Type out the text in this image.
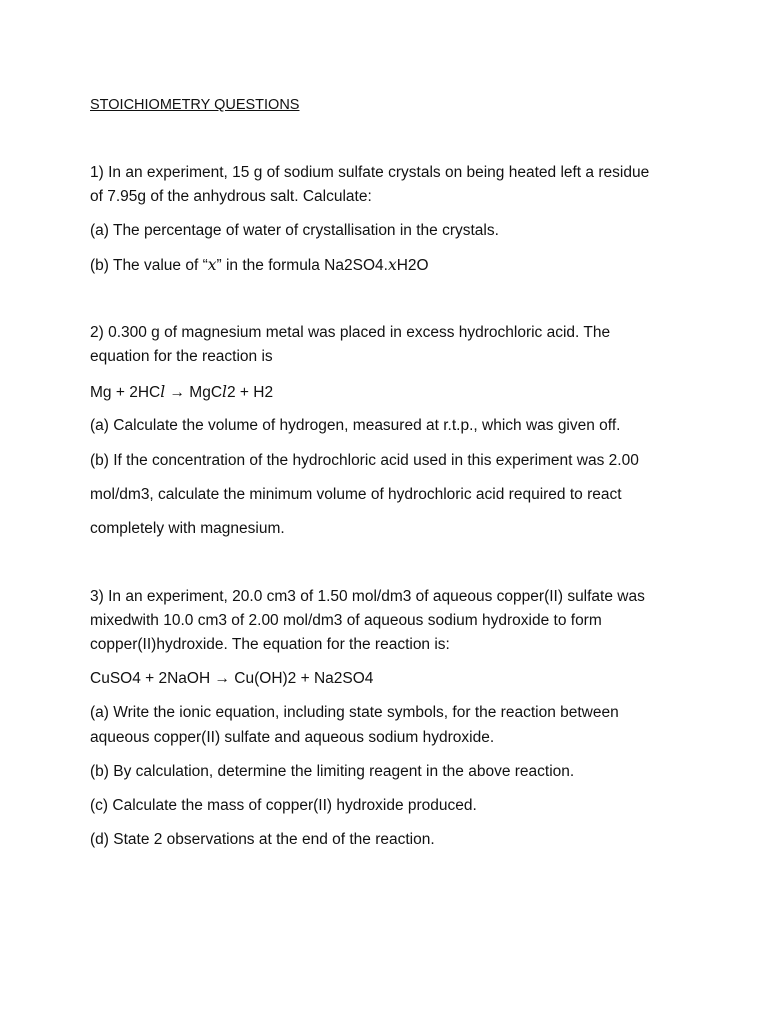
STOICHIOMETRY QUESTIONS
1) In an experiment, 15 g of sodium sulfate crystals on being heated left a residue
of 7.95g of the anhydrous salt. Calculate:
(a) The percentage of water of crystallisation in the crystals.
(b) The value of “x” in the formula Na2SO4.xH2O
2) 0.300 g of magnesium metal was placed in excess hydrochloric acid. The
equation for the reaction is
Mg + 2HCl → MgCl2 + H2
(a) Calculate the volume of hydrogen, measured at r.t.p., which was given off.
(b) If the concentration of the hydrochloric acid used in this experiment was 2.00
mol/dm3, calculate the minimum volume of hydrochloric acid required to react
completely with magnesium.
3) In an experiment, 20.0 cm3 of 1.50 mol/dm3 of aqueous copper(II) sulfate was
mixedwith 10.0 cm3 of 2.00 mol/dm3 of aqueous sodium hydroxide to form
copper(II)hydroxide. The equation for the reaction is:
CuSO4 + 2NaOH → Cu(OH)2 + Na2SO4
(a) Write the ionic equation, including state symbols, for the reaction between
aqueous copper(II) sulfate and aqueous sodium hydroxide.
(b) By calculation, determine the limiting reagent in the above reaction.
(c) Calculate the mass of copper(II) hydroxide produced.
(d) State 2 observations at the end of the reaction.
